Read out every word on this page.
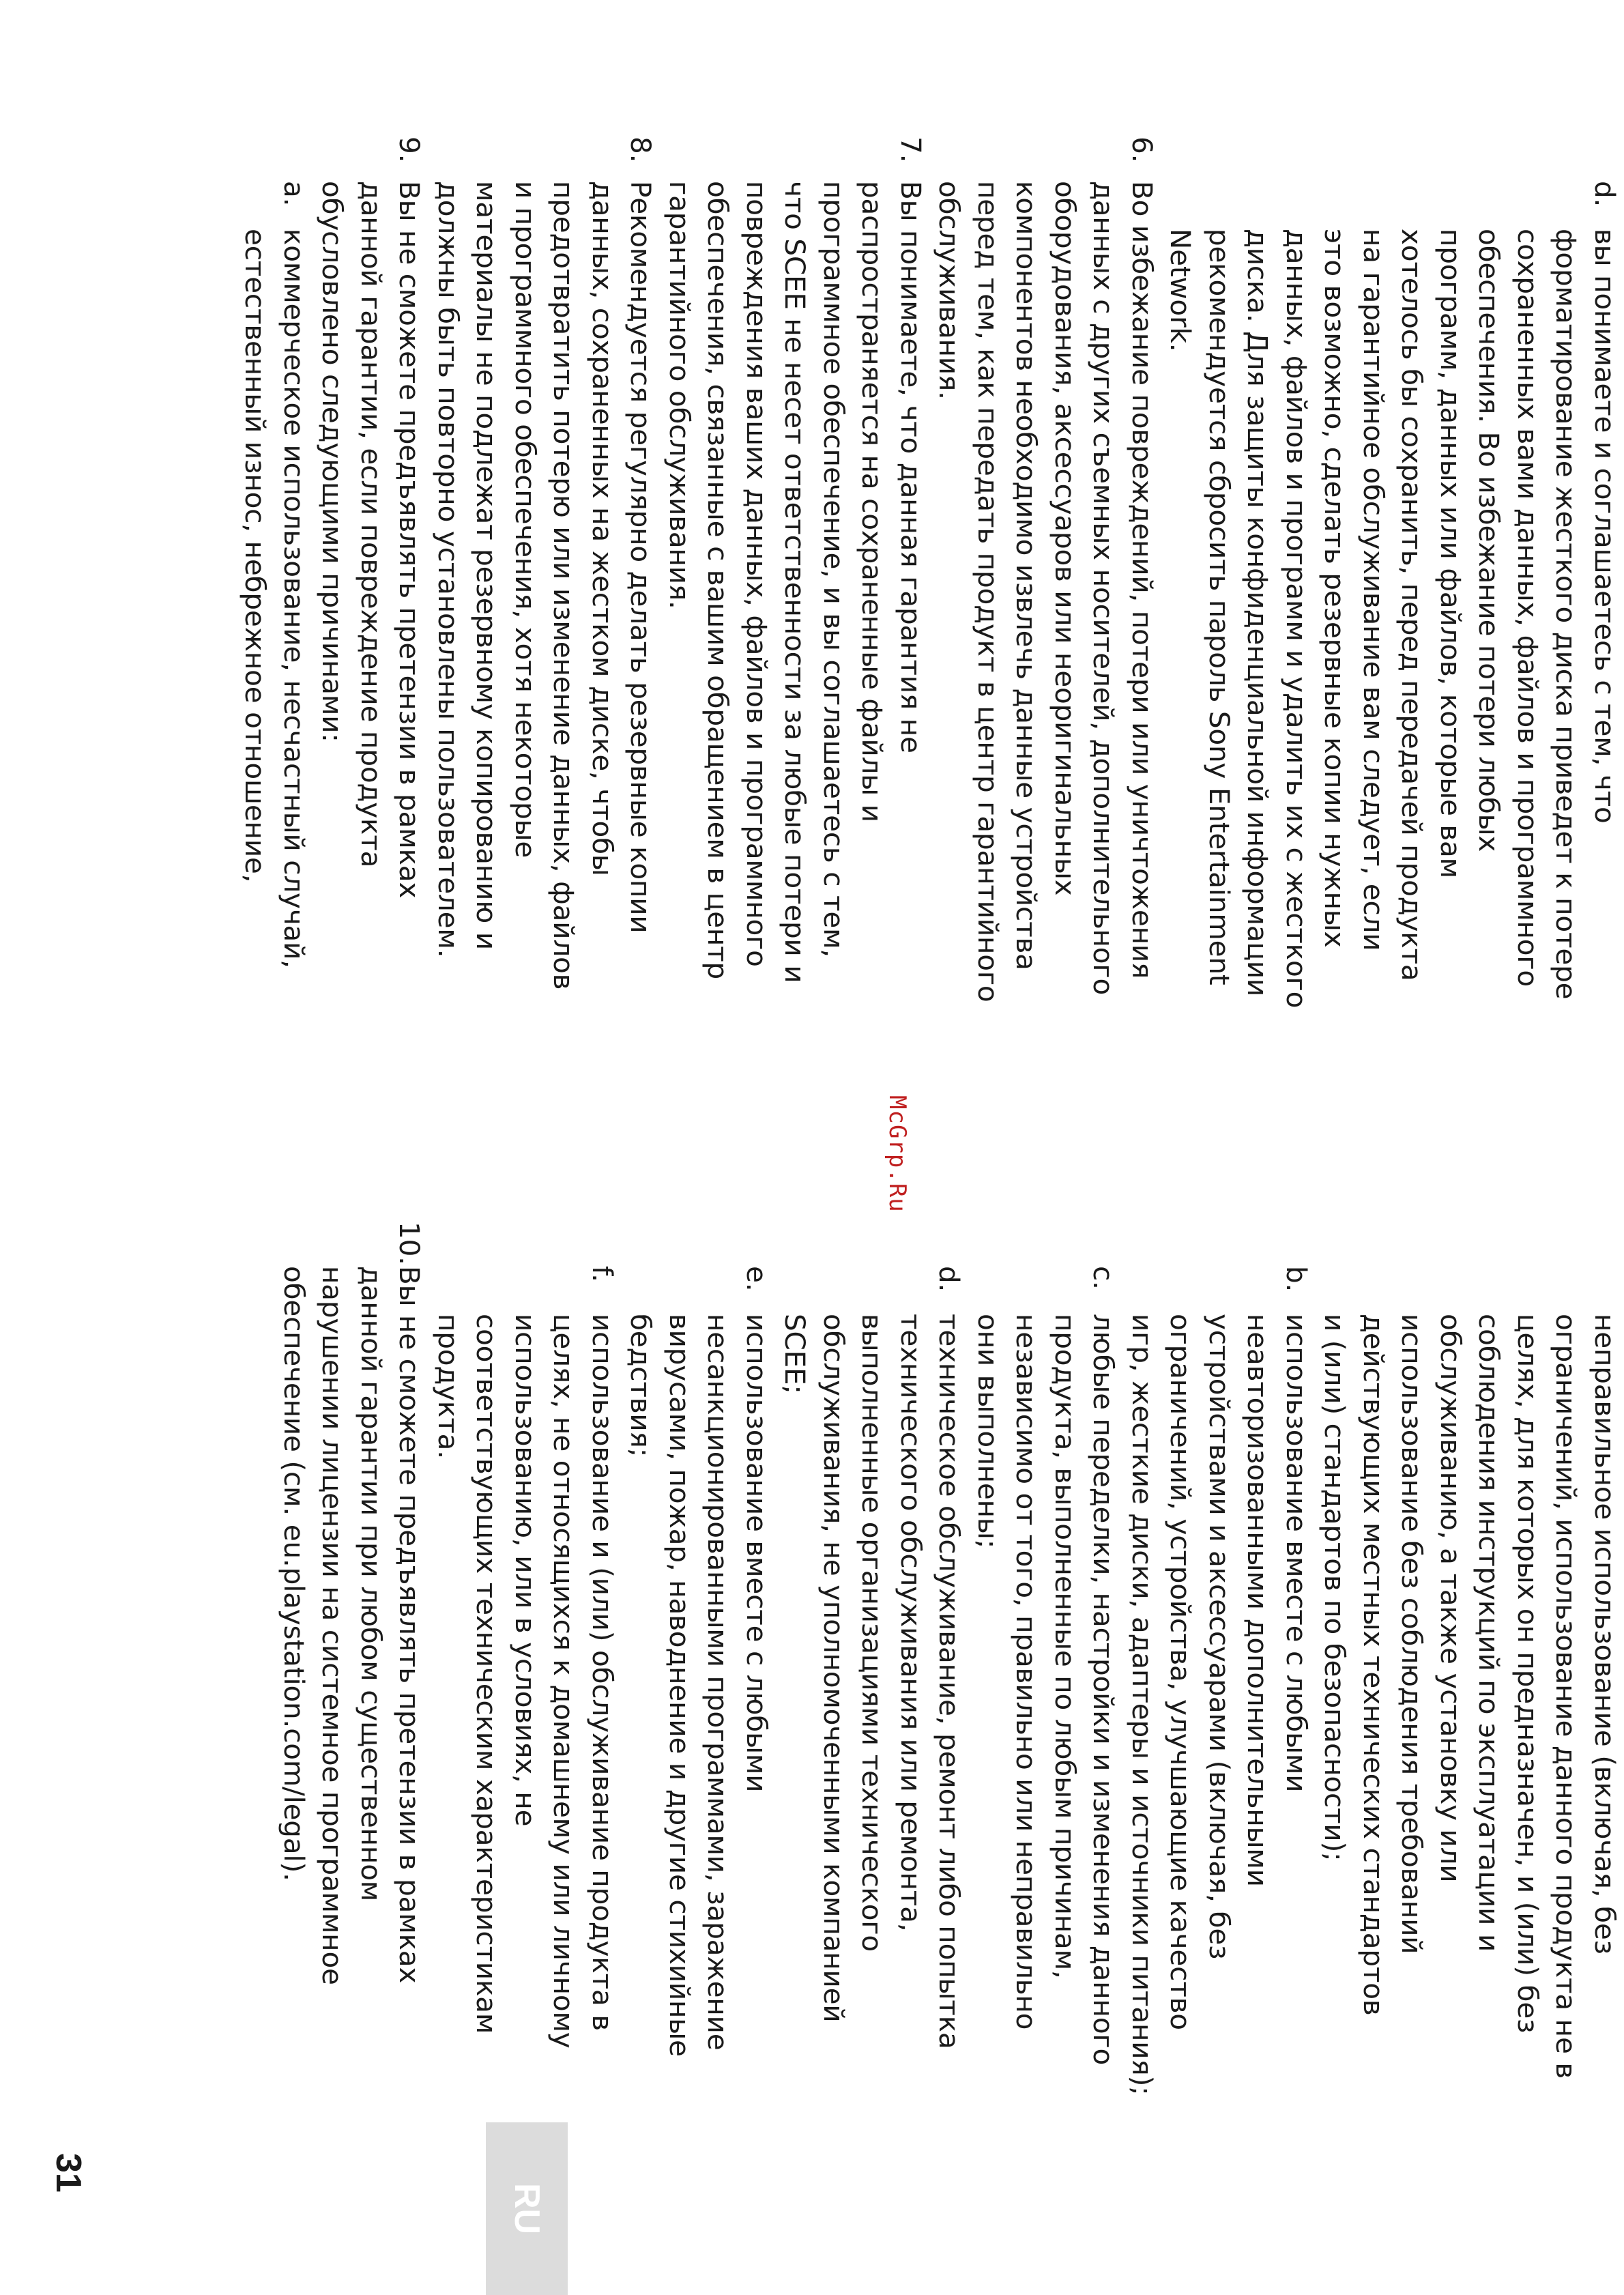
d.
вы понимаете и соглашаетесь с тем, что
форматирование жесткого диска приведет к потере
сохраненных вами данных, файлов и программного
обеспечения. Во избежание потери любых
программ, данных или файлов, которые вам
хотелось бы сохранить, перед передачей продукта
на гарантийное обслуживание вам следует, если
это возможно, сделать резервные копии нужных
данных, файлов и программ и удалить их с жесткого
диска. Для защиты конфиденциальной информации
рекомендуется сбросить пароль Sony Entertainment
Network.
6.
Во избежание повреждений, потери или уничтожения
данных с других съемных носителей, дополнительного
оборудования, аксессуаров или неоригинальных
компонентов необходимо извлечь данные устройства
перед тем, как передать продукт в центр гарантийного
обслуживания.
7.
Вы понимаете, что данная гарантия не
распространяется на сохраненные файлы и
программное обеспечение, и вы соглашаетесь с тем,
что SCEE не несет ответственности за любые потери и
повреждения ваших данных, файлов и программного
обеспечения, связанные с вашим обращением в центр
гарантийного обслуживания.
8.
Рекомендуется регулярно делать резервные копии
данных, сохраненных на жестком диске, чтобы
предотвратить потерю или изменение данных, файлов
и программного обеспечения, хотя некоторые
материалы не подлежат резервному копированию и
должны быть повторно установлены пользователем.
9.
Вы не сможете предъявлять претензии в рамках
данной гарантии, если повреждение продукта
обусловлено следующими причинами:
a.
коммерческое использование, несчастный случай,
естественный износ, небрежное отношение,
McGrp.Ru
неправильное использование (включая, без
ограничений, использование данного продукта не в
целях, для которых он предназначен, и (или) без
соблюдения инструкций по эксплуатации и
обслуживанию, а также установку или
использование без соблюдения требований
действующих местных технических стандартов
и (или) стандартов по безопасности);
b.
использование вместе с любыми
неавторизованными дополнительными
устройствами и аксессуарами (включая, без
ограничений, устройства, улучшающие качество
игр, жесткие диски, адаптеры и источники питания);
c.
любые переделки, настройки и изменения данного
продукта, выполненные по любым причинам,
независимо от того, правильно или неправильно
они выполнены;
d.
техническое обслуживание, ремонт либо попытка
технического обслуживания или ремонта,
выполненные организациями технического
обслуживания, не уполномоченными компанией
SCEE;
e.
использование вместе с любыми
несанкционированными программами, заражение
вирусами, пожар, наводнение и другие стихийные
бедствия;
f.
использование и (или) обслуживание продукта в
целях, не относящихся к домашнему или личному
использованию, или в условиях, не
соответствующих техническим характеристикам
продукта.
10.
Вы не сможете предъявлять претензии в рамках
данной гарантии при любом существенном
нарушении лицензии на системное программное
обеспечение (см. eu.playstation.com/legal).
RU
31
